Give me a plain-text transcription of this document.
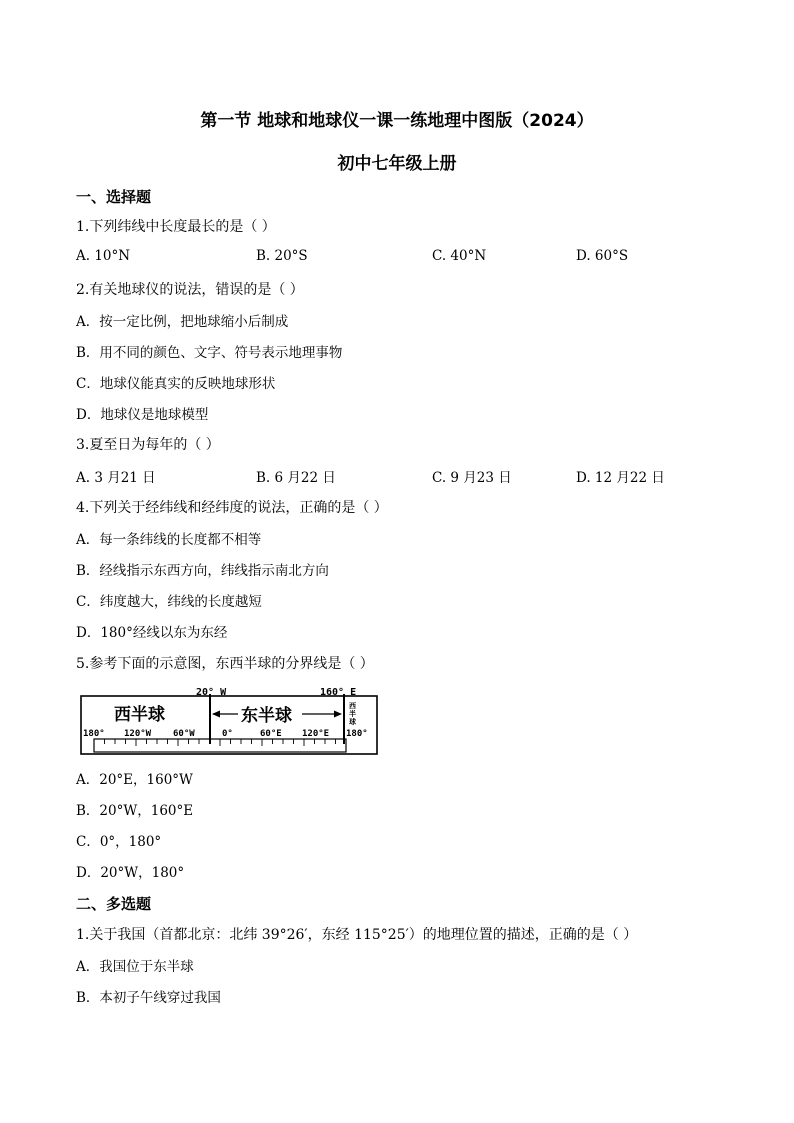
第一节 地球和地球仪一课一练地理中图版（2024）
初中七年级上册
一、选择题
1.下列纬线中长度最长的是（ ）
A. 10°N	B. 20°S	C. 40°N	D. 60°S
2.有关地球仪的说法，错误的是（ ）
A．按一定比例，把地球缩小后制成
B．用不同的颜色、文字、符号表示地理事物
C．地球仪能真实的反映地球形状
D．地球仪是地球模型
3.夏至日为每年的（ ）
A. 3 月21 日	B. 6 月22 日	C. 9 月23 日	D. 12 月22 日
4.下列关于经纬线和经纬度的说法，正确的是（ ）
A．每一条纬线的长度都不相等
B．经线指示东西方向，纬线指示南北方向
C．纬度越大，纬线的长度越短
D．180°经线以东为东经
5.参考下面的示意图，东西半球的分界线是（ ）
20° W	160° E
西半球	东半球	西 半 球
180° 120°W 60°W	0°	60°E 120°E 180°
A．20°E，160°W
B．20°W，160°E
C．0°，180°
D．20°W，180°
二、多选题
1.关于我国（首都北京：北纬 39°26′，东经 115°25′）的地理位置的描述，正确的是（ ）
A．我国位于东半球
B．本初子午线穿过我国
